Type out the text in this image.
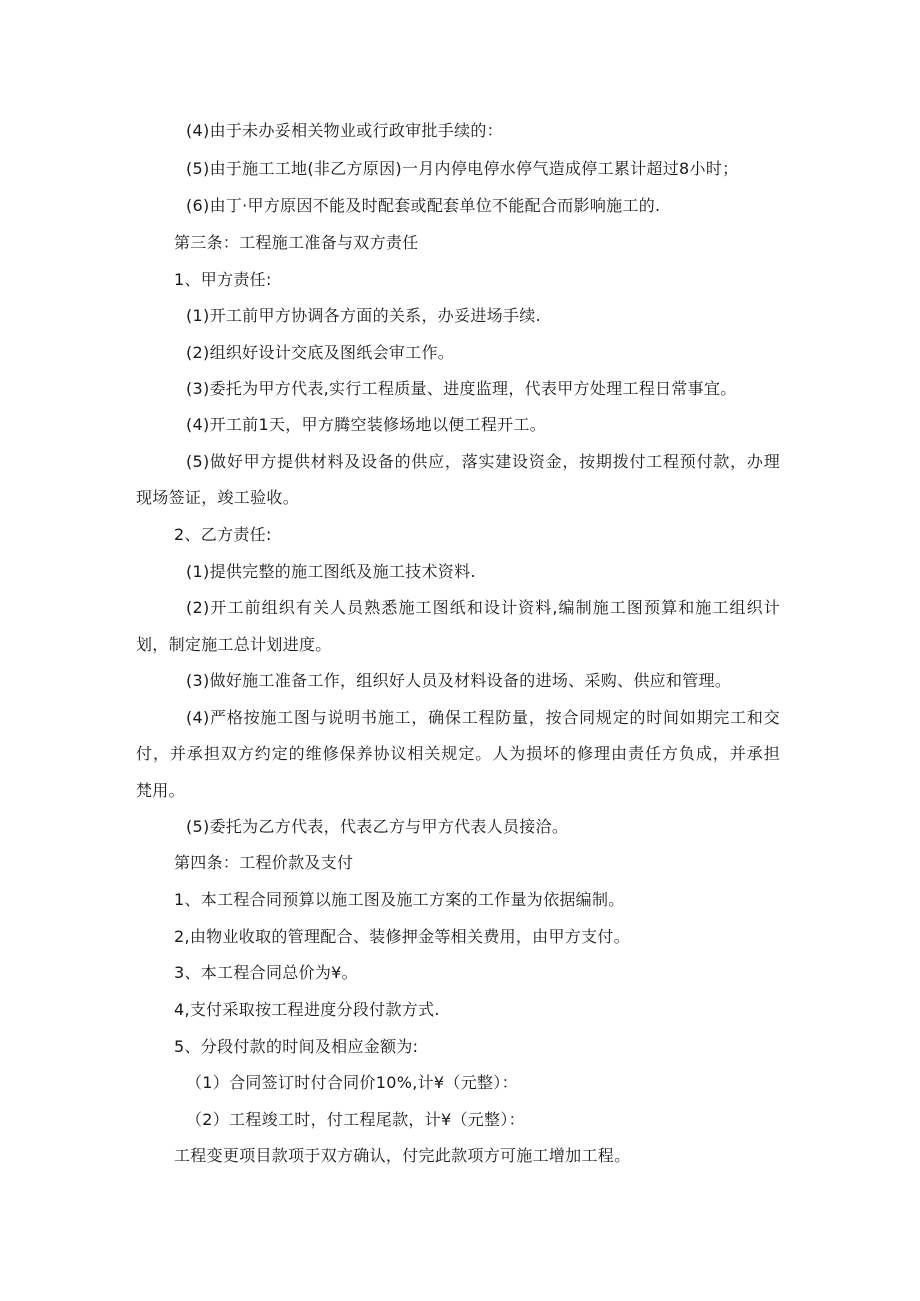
(4)由于未办妥相关物业或行政审批手续的：
(5)由于施工工地(非乙方原因)一月内停电停水停气造成停工累计超过8小时；
(6)由丁·甲方原因不能及时配套或配套单位不能配合而影响施工的.
第三条：工程施工准备与双方责任
1、甲方责任:
(1)开工前甲方协调各方面的关系，办妥进场手续.
(2)组织好设计交底及图纸会审工作。
(3)委托为甲方代表,实行工程质量、进度监理，代表甲方处理工程日常事宜。
(4)开工前1天，甲方腾空装修场地以便工程开工。
(5)做好甲方提供材料及设备的供应，落实建设资金，按期拨付工程预付款，办理
现场签证，竣工验收。
2、乙方责任:
(1)提供完整的施工图纸及施工技术资料.
(2)开工前组织有关人员熟悉施工图纸和设计资料,编制施工图预算和施工组织计
划，制定施工总计划进度。
(3)做好施工准备工作，组织好人员及材料设备的进场、采购、供应和管理。
(4)严格按施工图与说明书施工，确保工程防量，按合同规定的时间如期完工和交
付，并承担双方约定的维修保养协议相关规定。人为损坏的修理由责任方负成，并承担
梵用。
(5)委托为乙方代表，代表乙方与甲方代表人员接洽。
第四条：工程价款及支付
1、本工程合同预算以施工图及施工方案的工作量为依据编制。
2,由物业收取的管理配合、装修押金等相关费用，由甲方支付。
3、本工程合同总价为¥。
4,支付采取按工程进度分段付款方式.
5、分段付款的时间及相应金额为:
（1）合同签订时付合同价10%,计¥（元整）：
（2）工程竣工时，付工程尾款，计¥（元整）：
工程变更项目款项于双方确认，付完此款项方可施工增加工程。
